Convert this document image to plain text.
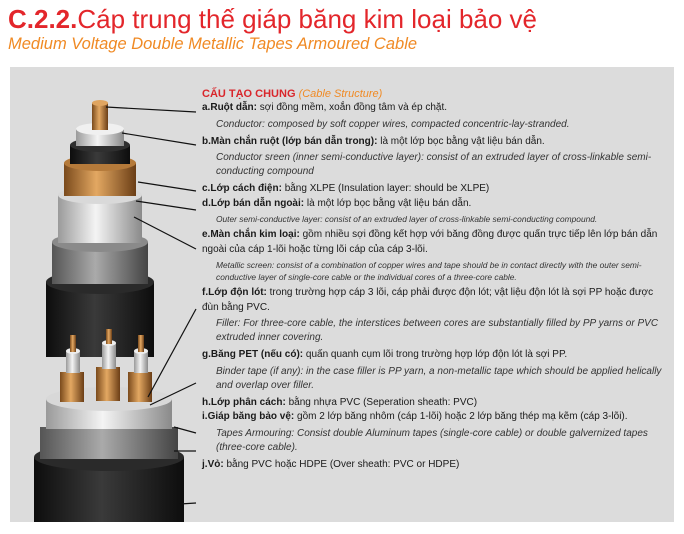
C.2.2.Cáp trung thế giáp băng kim loại bảo vệ
Medium Voltage Double Metallic Tapes Armoured Cable
CẤU TẠO CHUNG (Cable Structure)
a.Ruột dẫn: sợi đồng mềm, xoắn đồng tâm và ép chặt.
Conductor: composed by soft copper wires, compacted concentric-lay-stranded.
b.Màn chắn ruột (lớp bán dẫn trong): là một lớp bọc bằng vật liệu bán dẫn.
Conductor sreen (inner semi-conductive layer): consist of an extruded layer of cross-linkable semi-conducting compound
c.Lớp cách điện: bằng XLPE (Insulation layer: should be XLPE)
d.Lớp bán dẫn ngoài: là một lớp bọc bằng vật liệu bán dẫn.
Outer semi-conductive layer: consist of an extruded layer of cross-linkable semi-conducting compound.
e.Màn chắn kim loại: gồm nhiều sợi đồng kết hợp với băng đồng được quấn trực tiếp lên lớp bán dẫn ngoài của cáp 1-lõi hoặc từng lõi cáp của cáp 3-lõi.
Metallic screen: consist of a combination of copper wires and tape should be in contact directly with the outer semi-conductive layer of single-core cable or the individual cores of a three-core cable.
f.Lớp độn lót: trong trường hợp cáp 3 lõi, cáp phải được độn lót; vật liệu độn lót là sợi PP hoặc được đùn bằng PVC.
Filler: For three-core cable, the interstices between cores are substantially filled by PP yarns or PVC extruded inner covering.
g.Băng PET (nếu có): quấn quanh cụm lõi trong trường hợp lớp độn lót là sợi PP.
Binder tape (if any): in the case filler is PP yarn, a non-metallic tape which should be applied helically and overlap over filler.
h.Lớp phân cách: bằng nhựa PVC (Seperation sheath: PVC)
i.Giáp băng bảo vệ: gồm 2 lớp băng nhôm (cáp 1-lõi) hoặc 2 lớp băng thép mạ kẽm (cáp 3-lõi).
Tapes Armouring: Consist double Aluminum tapes (single-core cable) or double galvernized tapes (three-core cable).
j.Vỏ: bằng PVC hoặc HDPE (Over sheath: PVC or HDPE)
